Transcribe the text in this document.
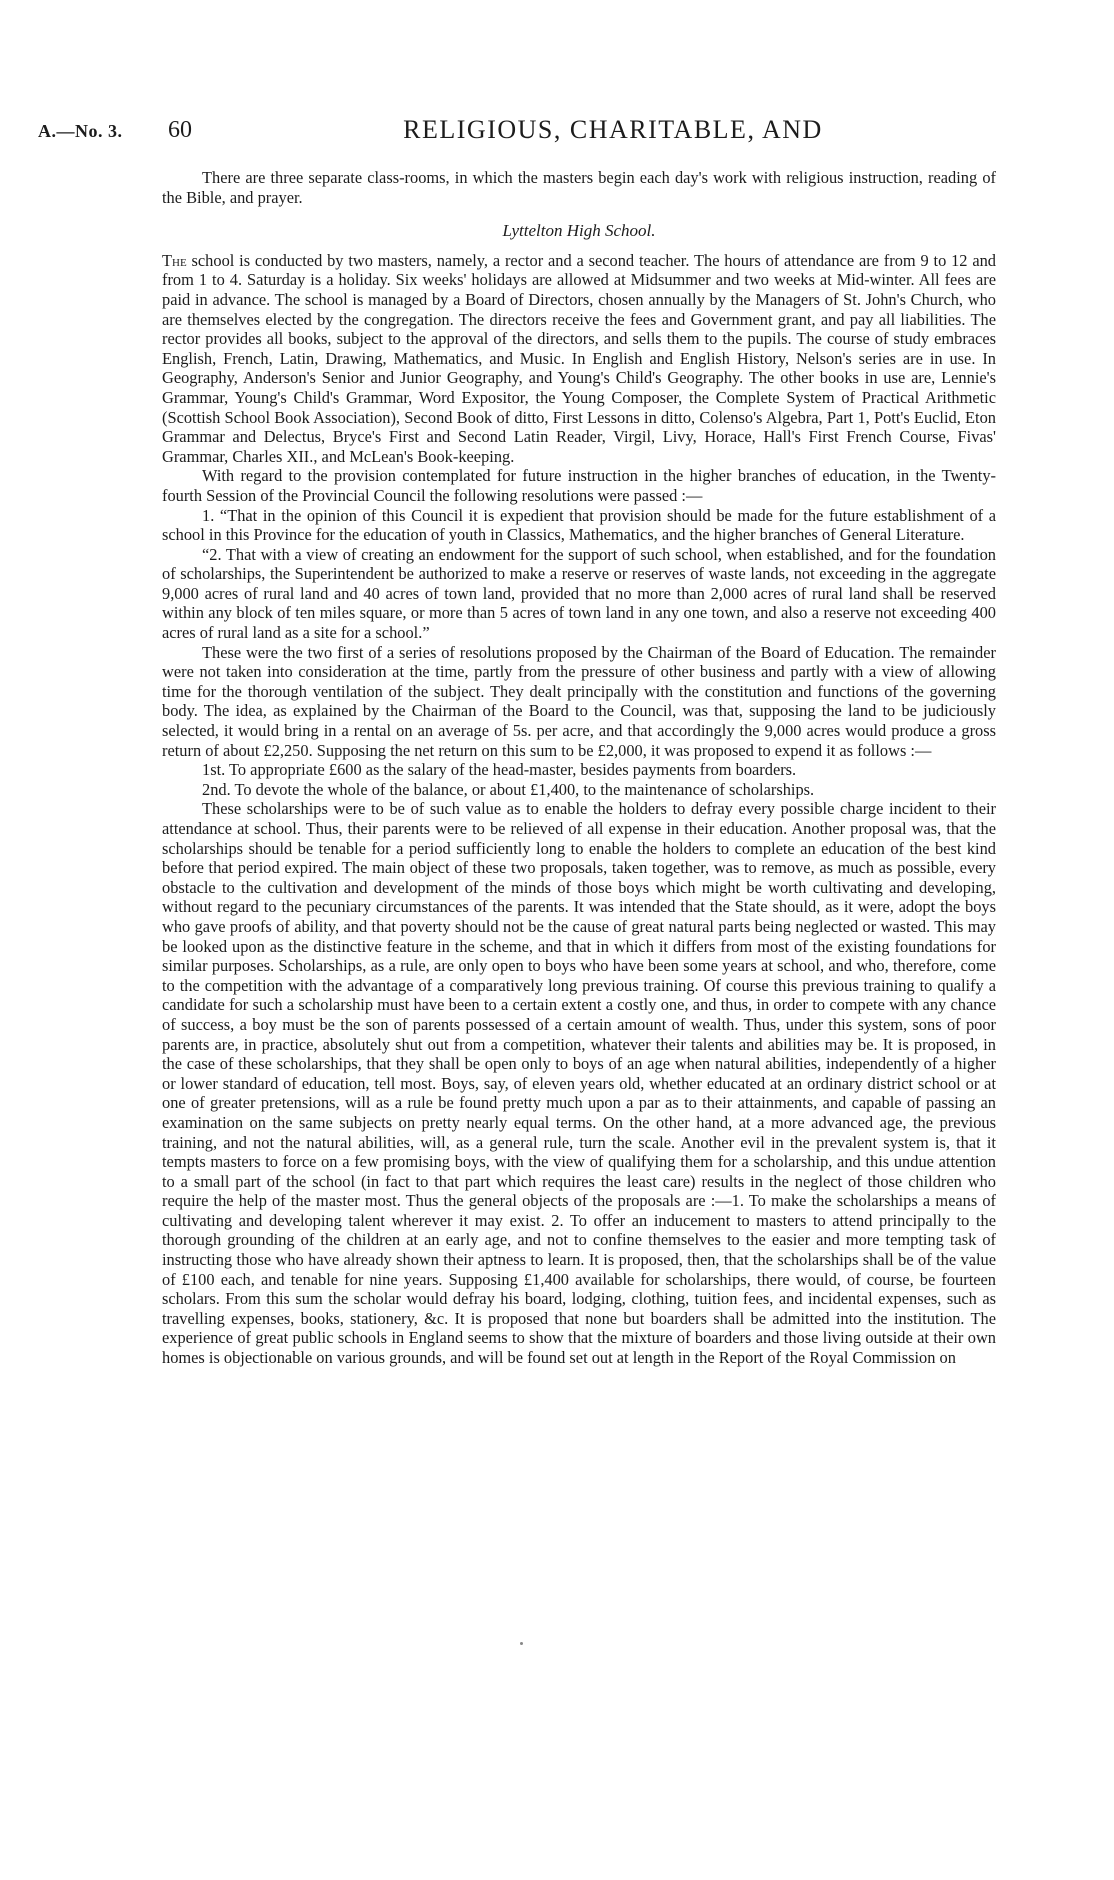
A.—No. 3. 60	RELIGIOUS, CHARITABLE, AND

There are three separate class-rooms, in which the masters begin each day's work with religious instruction, reading of the Bible, and prayer.

Lyttelton High School.

The school is conducted by two masters, namely, a rector and a second teacher. The hours of attendance are from 9 to 12 and from 1 to 4. Saturday is a holiday. Six weeks' holidays are allowed at Midsummer and two weeks at Mid-winter. All fees are paid in advance. The school is managed by a Board of Directors, chosen annually by the Managers of St. John's Church, who are themselves elected by the congregation. The directors receive the fees and Government grant, and pay all liabilities. The rector provides all books, subject to the approval of the directors, and sells them to the pupils. The course of study embraces English, French, Latin, Drawing, Mathematics, and Music. In English and English History, Nelson's series are in use. In Geography, Anderson's Senior and Junior Geography, and Young's Child's Geography. The other books in use are, Lennie's Grammar, Young's Child's Grammar, Word Expositor, the Young Composer, the Complete System of Practical Arithmetic (Scottish School Book Association), Second Book of ditto, First Lessons in ditto, Colenso's Algebra, Part 1, Pott's Euclid, Eton Grammar and Delectus, Bryce's First and Second Latin Reader, Virgil, Livy, Horace, Hall's First French Course, Fivas' Grammar, Charles XII., and McLean's Book-keeping.

With regard to the provision contemplated for future instruction in the higher branches of education, in the Twenty-fourth Session of the Provincial Council the following resolutions were passed :—

1. “That in the opinion of this Council it is expedient that provision should be made for the future establishment of a school in this Province for the education of youth in Classics, Mathematics, and the higher branches of General Literature.

“2. That with a view of creating an endowment for the support of such school, when established, and for the foundation of scholarships, the Superintendent be authorized to make a reserve or reserves of waste lands, not exceeding in the aggregate 9,000 acres of rural land and 40 acres of town land, provided that no more than 2,000 acres of rural land shall be reserved within any block of ten miles square, or more than 5 acres of town land in any one town, and also a reserve not exceeding 400 acres of rural land as a site for a school.”

These were the two first of a series of resolutions proposed by the Chairman of the Board of Education. The remainder were not taken into consideration at the time, partly from the pressure of other business and partly with a view of allowing time for the thorough ventilation of the subject. They dealt principally with the constitution and functions of the governing body. The idea, as explained by the Chairman of the Board to the Council, was that, supposing the land to be judiciously selected, it would bring in a rental on an average of 5s. per acre, and that accordingly the 9,000 acres would produce a gross return of about £2,250. Supposing the net return on this sum to be £2,000, it was proposed to expend it as follows :—

1st. To appropriate £600 as the salary of the head-master, besides payments from boarders.

2nd. To devote the whole of the balance, or about £1,400, to the maintenance of scholarships.

These scholarships were to be of such value as to enable the holders to defray every possible charge incident to their attendance at school. Thus, their parents were to be relieved of all expense in their education. Another proposal was, that the scholarships should be tenable for a period sufficiently long to enable the holders to complete an education of the best kind before that period expired. The main object of these two proposals, taken together, was to remove, as much as possible, every obstacle to the cultivation and development of the minds of those boys which might be worth cultivating and developing, without regard to the pecuniary circumstances of the parents. It was intended that the State should, as it were, adopt the boys who gave proofs of ability, and that poverty should not be the cause of great natural parts being neglected or wasted. This may be looked upon as the distinctive feature in the scheme, and that in which it differs from most of the existing foundations for similar purposes. Scholarships, as a rule, are only open to boys who have been some years at school, and who, therefore, come to the competition with the advantage of a comparatively long previous training. Of course this previous training to qualify a candidate for such a scholarship must have been to a certain extent a costly one, and thus, in order to compete with any chance of success, a boy must be the son of parents possessed of a certain amount of wealth. Thus, under this system, sons of poor parents are, in practice, absolutely shut out from a competition, whatever their talents and abilities may be. It is proposed, in the case of these scholarships, that they shall be open only to boys of an age when natural abilities, independently of a higher or lower standard of education, tell most. Boys, say, of eleven years old, whether educated at an ordinary district school or at one of greater pretensions, will as a rule be found pretty much upon a par as to their attainments, and capable of passing an examination on the same subjects on pretty nearly equal terms. On the other hand, at a more advanced age, the previous training, and not the natural abilities, will, as a general rule, turn the scale. Another evil in the prevalent system is, that it tempts masters to force on a few promising boys, with the view of qualifying them for a scholarship, and this undue attention to a small part of the school (in fact to that part which requires the least care) results in the neglect of those children who require the help of the master most. Thus the general objects of the proposals are :—1. To make the scholarships a means of cultivating and developing talent wherever it may exist. 2. To offer an inducement to masters to attend principally to the thorough grounding of the children at an early age, and not to confine themselves to the easier and more tempting task of instructing those who have already shown their aptness to learn. It is proposed, then, that the scholarships shall be of the value of £100 each, and tenable for nine years. Supposing £1,400 available for scholarships, there would, of course, be fourteen scholars. From this sum the scholar would defray his board, lodging, clothing, tuition fees, and incidental expenses, such as travelling expenses, books, stationery, &c. It is proposed that none but boarders shall be admitted into the institution. The experience of great public schools in England seems to show that the mixture of boarders and those living outside at their own homes is objectionable on various grounds, and will be found set out at length in the Report of the Royal Commission on
